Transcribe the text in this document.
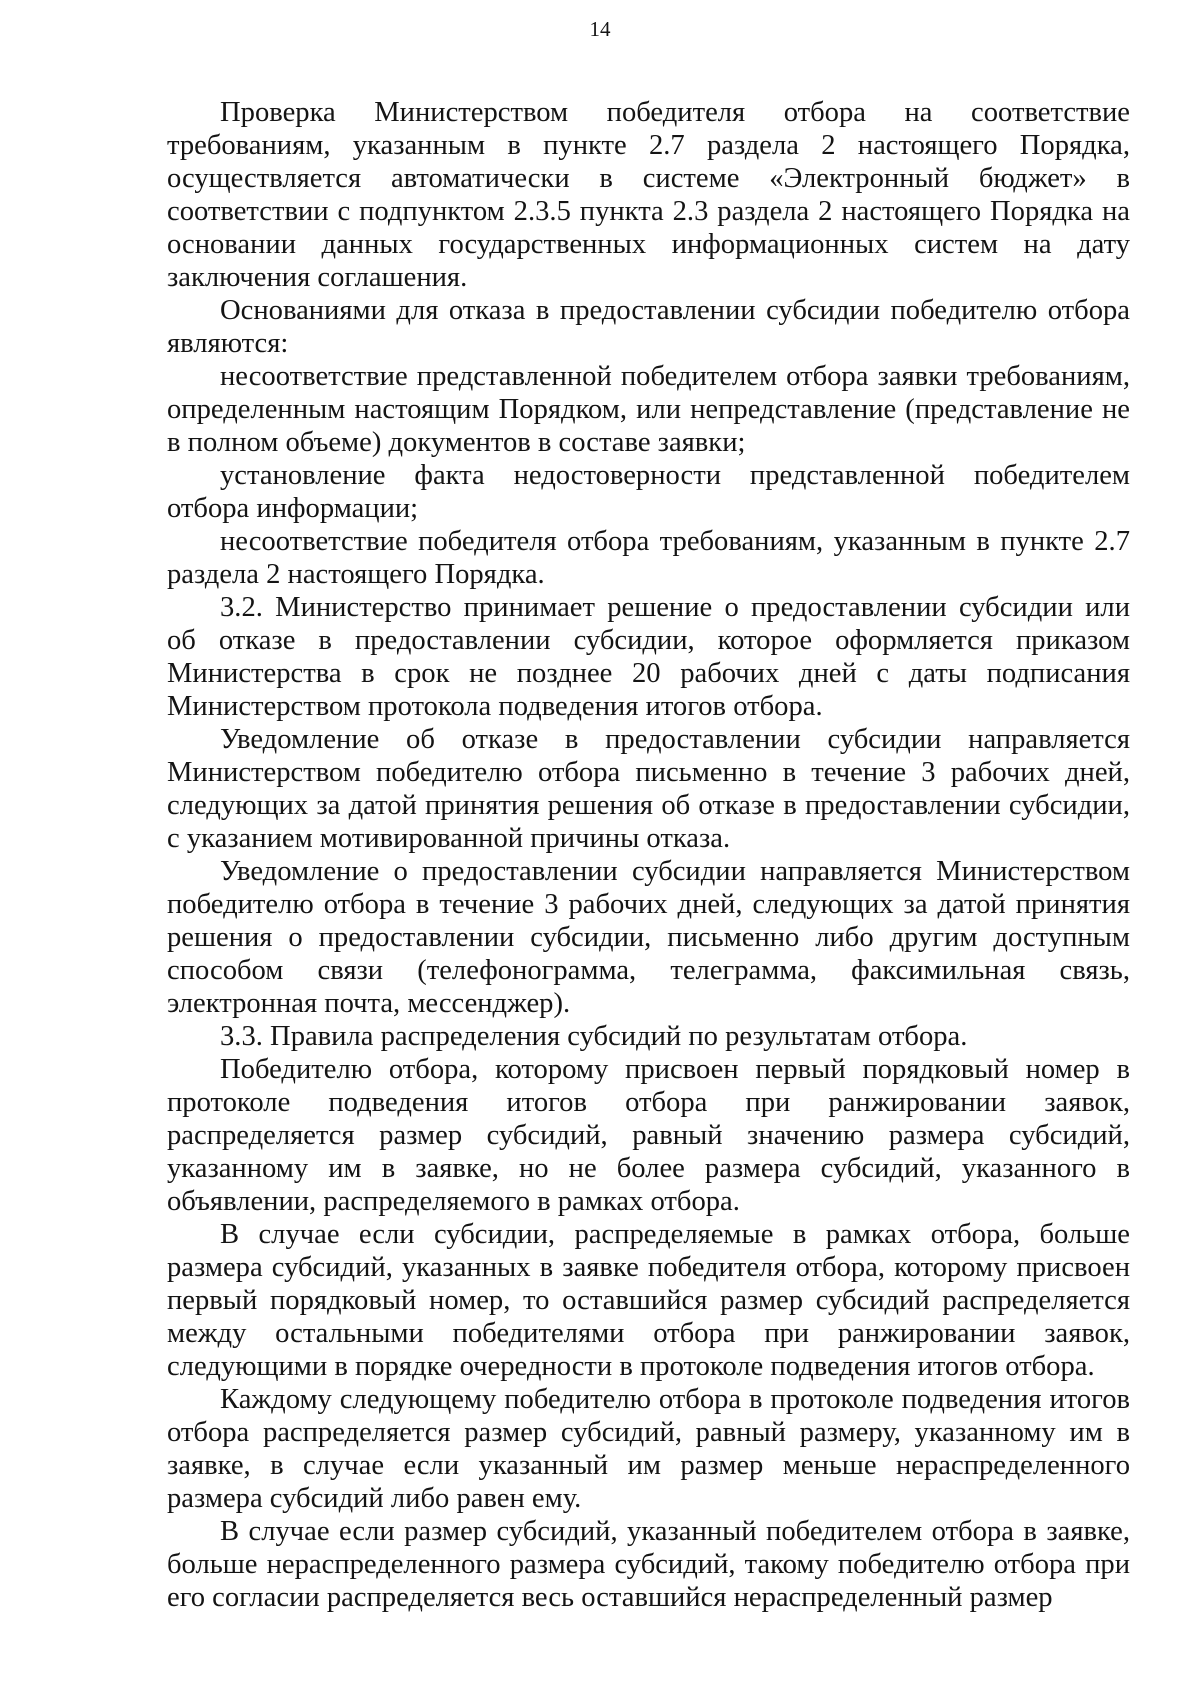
14

Проверка Министерством победителя отбора на соответствие требованиям, указанным в пункте 2.7 раздела 2 настоящего Порядка, осуществляется автоматически в системе «Электронный бюджет» в соответствии с подпунктом 2.3.5 пункта 2.3 раздела 2 настоящего Порядка на основании данных государственных информационных систем на дату заключения соглашения.

Основаниями для отказа в предоставлении субсидии победителю отбора являются:

несоответствие представленной победителем отбора заявки требованиям, определенным настоящим Порядком, или непредставление (представление не в полном объеме) документов в составе заявки;

установление факта недостоверности представленной победителем отбора информации;

несоответствие победителя отбора требованиям, указанным в пункте 2.7 раздела 2 настоящего Порядка.

3.2. Министерство принимает решение о предоставлении субсидии или об отказе в предоставлении субсидии, которое оформляется приказом Министерства в срок не позднее 20 рабочих дней с даты подписания Министерством протокола подведения итогов отбора.

Уведомление об отказе в предоставлении субсидии направляется Министерством победителю отбора письменно в течение 3 рабочих дней, следующих за датой принятия решения об отказе в предоставлении субсидии, с указанием мотивированной причины отказа.

Уведомление о предоставлении субсидии направляется Министерством победителю отбора в течение 3 рабочих дней, следующих за датой принятия решения о предоставлении субсидии, письменно либо другим доступным способом связи (телефонограмма, телеграмма, факсимильная связь, электронная почта, мессенджер).

3.3. Правила распределения субсидий по результатам отбора.

Победителю отбора, которому присвоен первый порядковый номер в протоколе подведения итогов отбора при ранжировании заявок, распределяется размер субсидий, равный значению размера субсидий, указанному им в заявке, но не более размера субсидий, указанного в объявлении, распределяемого в рамках отбора.

В случае если субсидии, распределяемые в рамках отбора, больше размера субсидий, указанных в заявке победителя отбора, которому присвоен первый порядковый номер, то оставшийся размер субсидий распределяется между остальными победителями отбора при ранжировании заявок, следующими в порядке очередности в протоколе подведения итогов отбора.

Каждому следующему победителю отбора в протоколе подведения итогов отбора распределяется размер субсидий, равный размеру, указанному им в заявке, в случае если указанный им размер меньше нераспределенного размера субсидий либо равен ему.

В случае если размер субсидий, указанный победителем отбора в заявке, больше нераспределенного размера субсидий, такому победителю отбора при его согласии распределяется весь оставшийся нераспределенный размер
